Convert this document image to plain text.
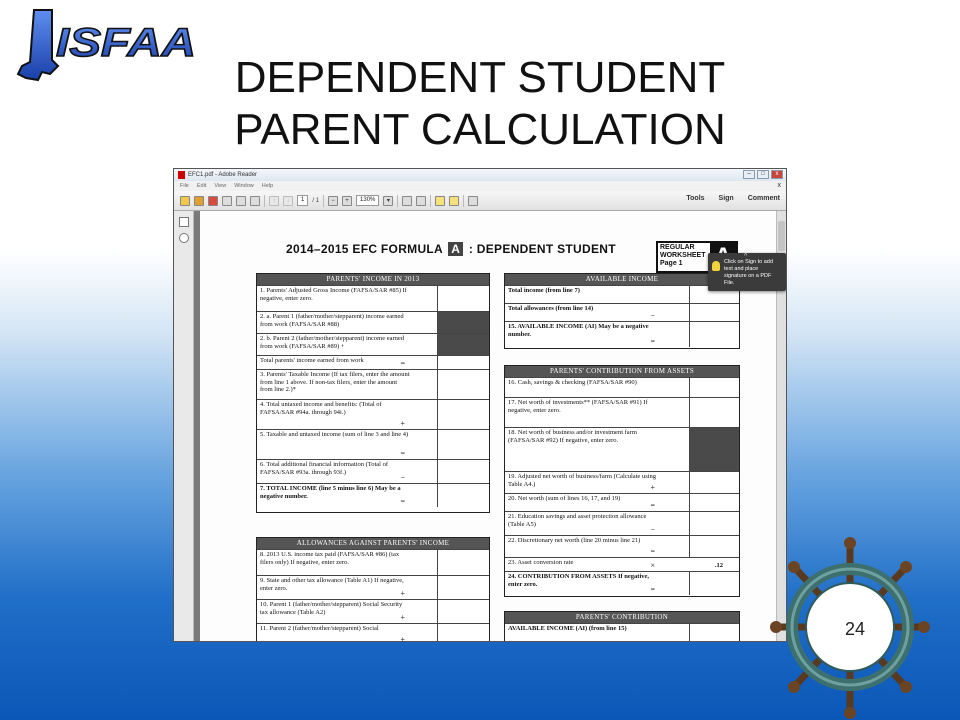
ISFAA
DEPENDENT STUDENT
PARENT CALCULATION
EFC1.pdf - Adobe Reader	–	□	x
File Edit View Window Help	x
↑	↓	1	/ 1	−	+	130%	▾	Tools Sign Comment
2014–2015 EFC FORMULA A : DEPENDENT STUDENT	REGULAR
WORKSHEET
Page 1
PARENTS' INCOME IN 2013
1. Parents' Adjusted Gross Income (FAFSA/SAR #85) If negative, enter zero.
2. a. Parent 1 (father/mother/stepparent) income earned from work (FAFSA/SAR #88)
2. b. Parent 2 (father/mother/stepparent) income earned from work (FAFSA/SAR #89) +
Total parents' income earned from work	=
3. Parents' Taxable Income (If tax filers, enter the amount from line 1 above. If non-tax filers, enter the amount from line 2.)*
4. Total untaxed income and benefits: (Total of FAFSA/SAR #94a. through 94i.)
+
5. Taxable and untaxed income (sum of line 3 and line 4)
=
6. Total additional financial information (Total of FAFSA/SAR #93a. through 93f.)
−
7. TOTAL INCOME (line 5 minus line 6) May be a negative number.
=
ALLOWANCES AGAINST PARENTS' INCOME
8. 2013 U.S. income tax paid (FAFSA/SAR #86) (tax filers only) If negative, enter zero.
9. State and other tax allowance (Table A1) If negative, enter zero.
+
10. Parent 1 (father/mother/stepparent) Social Security tax allowance (Table A2)
+
11. Parent 2 (father/mother/stepparent) Social
+
AVAILABLE INCOME
Total income (from line 7)
Total allowances (from line 14)
−
15. AVAILABLE INCOME (AI) May be a negative number.
=
PARENTS' CONTRIBUTION FROM ASSETS
16. Cash, savings & checking (FAFSA/SAR #90)
17. Net worth of investments** (FAFSA/SAR #91) If negative, enter zero.
18. Net worth of business and/or investment farm (FAFSA/SAR #92) If negative, enter zero.
19. Adjusted net worth of business/farm (Calculate using Table A4.)	+
20. Net worth (sum of lines 16, 17, and 19)
=
21. Education savings and asset protection allowance (Table A5)
−
22. Discretionary net worth (line 20 minus line 21)
=
23. Asset conversion rate	×	.12
24. CONTRIBUTION FROM ASSETS If negative, enter zero.
=
PARENTS' CONTRIBUTION
AVAILABLE INCOME (AI) (from line 15)
^
Click on Sign to add text and place signature on a PDF File.
24
